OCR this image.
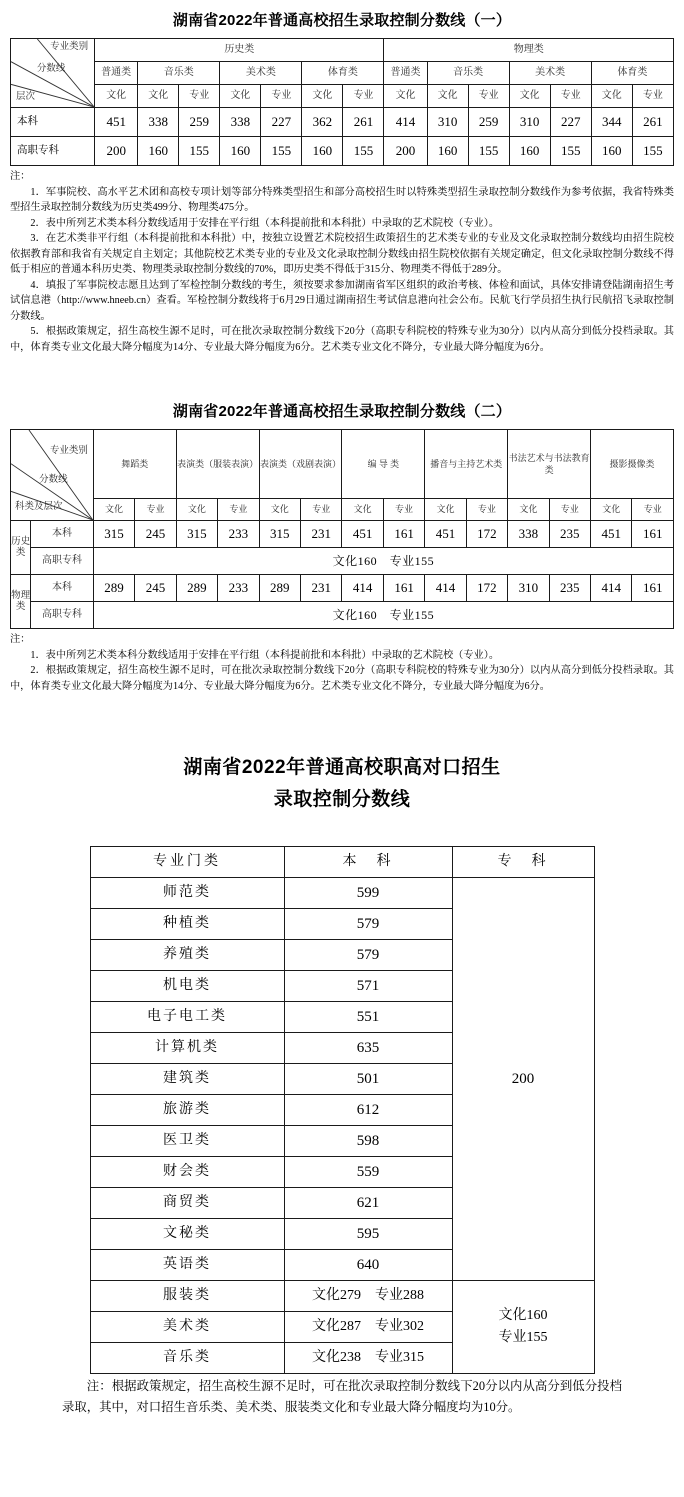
湖南省2022年普通高校招生录取控制分数线（一）
专业类别
分数线
层次	历史类							物理类						
	普通类	音乐类		美术类		体育类		普通类	音乐类		美术类		体育类	
	文化	文化	专业	文化	专业	文化	专业	文化	文化	专业	文化	专业	文化	专业
本科	451	338	259	338	227	362	261	414	310	259	310	227	344	261
高职专科	200	160	155	160	155	160	155	200	160	155	160	155	160	155
注：

1．军事院校、高水平艺术团和高校专项计划等部分特殊类型招生和部分高校招生时以特殊类型招生录取控制分数线作为参考依据，我省特殊类型招生录取控制分数线为历史类499分、物理类475分。

2．表中所列艺术类本科分数线适用于安排在平行组（本科提前批和本科批）中录取的艺术院校（专业）。

3．在艺术类非平行组（本科提前批和本科批）中，按独立设置艺术院校招生政策招生的艺术类专业的专业及文化录取控制分数线均由招生院校依据教育部和我省有关规定自主划定；其他院校艺术类专业的专业及文化录取控制分数线由招生院校依据有关规定确定，但文化录取控制分数线不得低于相应的普通本科历史类、物理类录取控制分数线的70%，即历史类不得低于315分、物理类不得低于289分。

4．填报了军事院校志愿且达到了军检控制分数线的考生，须按要求参加湖南省军区组织的政治考核、体检和面试，具体安排请登陆湖南招生考试信息港（http://www.hneeb.cn）查看。军检控制分数线将于6月29日通过湖南招生考试信息港向社会公布。民航飞行学员招生执行民航招飞录取控制分数线。

5．根据政策规定，招生高校生源不足时，可在批次录取控制分数线下20分（高职专科院校的特殊专业为30分）以内从高分到低分投档录取。其中，体育类专业文化最大降分幅度为14分、专业最大降分幅度为6分。艺术类专业文化不降分，专业最大降分幅度为6分。

湖南省2022年普通高校招生录取控制分数线（二）
专业类别
分数线
科类及层次		舞蹈类		表演类（服装表演）		表演类（戏剧表演）		编 导 类		播音与主持艺术类		书法艺术与书法教育类		摄影摄像类	
		文化	专业	文化	专业	文化	专业	文化	专业	文化	专业	文化	专业	文化	专业
历史类	本科	315	245	315	233	315	231	451	161	451	172	338	235	451	161
	高职专科	文化160　专业155													
物理类	本科	289	245	289	233	289	231	414	161	414	172	310	235	414	161
	高职专科	文化160　专业155													
注：

1．表中所列艺术类本科分数线适用于安排在平行组（本科提前批和本科批）中录取的艺术院校（专业）。

2．根据政策规定，招生高校生源不足时，可在批次录取控制分数线下20分（高职专科院校的特殊专业为30分）以内从高分到低分投档录取。其中，体育类专业文化最大降分幅度为14分、专业最大降分幅度为6分。艺术类专业文化不降分，专业最大降分幅度为6分。

湖南省2022年普通高校职高对口招生
录取控制分数线
专业门类	本　科	专　科
师范类	599	200
种植类	579	
养殖类	579	
机电类	571	
电子电工类	551	
计算机类	635	
建筑类	501	
旅游类	612	
医卫类	598	
财会类	559	
商贸类	621	
文秘类	595	
英语类	640	
服装类	文化279　专业288	文化160
专业155

美术类	文化287　专业302	
音乐类	文化238　专业315	

注：根据政策规定，招生高校生源不足时，可在批次录取控制分数线下20分以内从高分到低分投档录取，其中，对口招生音乐类、美术类、服装类文化和专业最大降分幅度均为10分。
